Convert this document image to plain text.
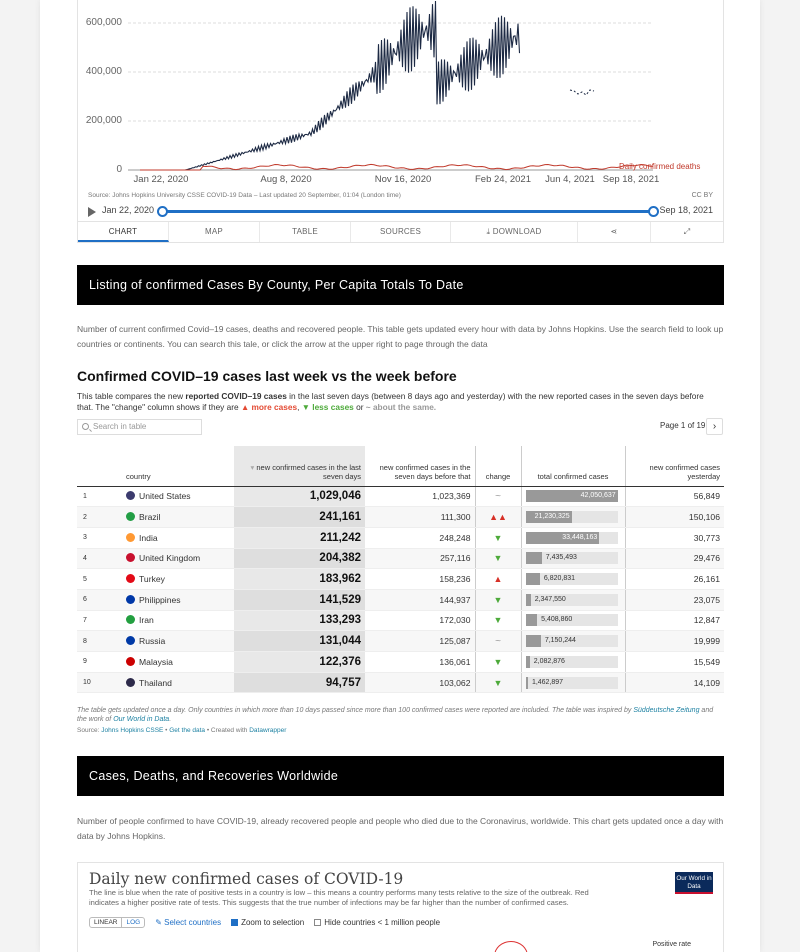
600,000
400,000
200,000
0
Jan 22, 2020	Aug 8, 2020	Nov 16, 2020	Feb 24, 2021 Jun 4, 2021 Sep 18, 2021
Daily confirmed deaths
Source: Johns Hopkins University CSSE COVID-19 Data – Last updated 20 September, 01:04 (London time)	CC BY
Jan 22, 2020	Sep 18, 2021
CHART	MAP	TABLE	SOURCES	⤓ DOWNLOAD	⋖	⤢
Listing of confirmed Cases By County, Per Capita Totals To Date
Number of current confirmed Covid–19 cases, deaths and recovered people. This table gets updated every hour with data by Johns Hopkins. Use the search field to look up countries or continents. You can search this tale, or click the arrow at the upper right to page through the data
Confirmed COVID–19 cases last week vs the week before
This table compares the new reported COVID–19 cases in the last seven days (between 8 days ago and yesterday) with the new reported cases in the seven days before that. The "change" column shows if they are ▲ more cases, ▼ less cases or ~ about the same.
Search in table	Page 1 of 19 ›
	country	▾ new confirmed cases in the last seven days	new confirmed cases in the seven days before that	change	total confirmed cases	new confirmed cases yesterday
1	United States	1,029,046	1,023,369	~	42,050,637	56,849
2	Brazil	241,161	111,300	▲▲	21,230,325	150,106
3	India	211,242	248,248	▼	33,448,163	30,773
4	United Kingdom	204,382	257,116	▼	7,435,493	29,476
5	Turkey	183,962	158,236	▲	6,820,831	26,161
6	Philippines	141,529	144,937	▼	2,347,550	23,075
7	Iran	133,293	172,030	▼	5,408,860	12,847
8	Russia	131,044	125,087	~	7,150,244	19,999
9	Malaysia	122,376	136,061	▼	2,082,876	15,549
10	Thailand	94,757	103,062	▼	1,462,897	14,109
The table gets updated once a day. Only countries in which more than 10 days passed since more than 100 confirmed cases were reported are included. The table was inspired by Süddeutsche Zeitung and the work of Our World in Data.
Source: Johns Hopkins CSSE • Get the data • Created with Datawrapper
Cases, Deaths, and Recoveries Worldwide
Number of people confirmed to have COVID-19, already recovered people and people who died due to the Coronavirus, worldwide. This chart gets updated once a day with data by Johns Hopkins.
Daily new confirmed cases of COVID-19
The line is blue when the rate of positive tests in a country is low – this means a country performs many tests relative to the size of the outbreak. Red indicates a higher positive rate of tests. This suggests that the true number of infections may be far higher than the number of confirmed cases.
Our World in Data
LINEAR	LOG	✎ Select countries	Zoom to selection	Hide countries < 1 million people
Positive rate
